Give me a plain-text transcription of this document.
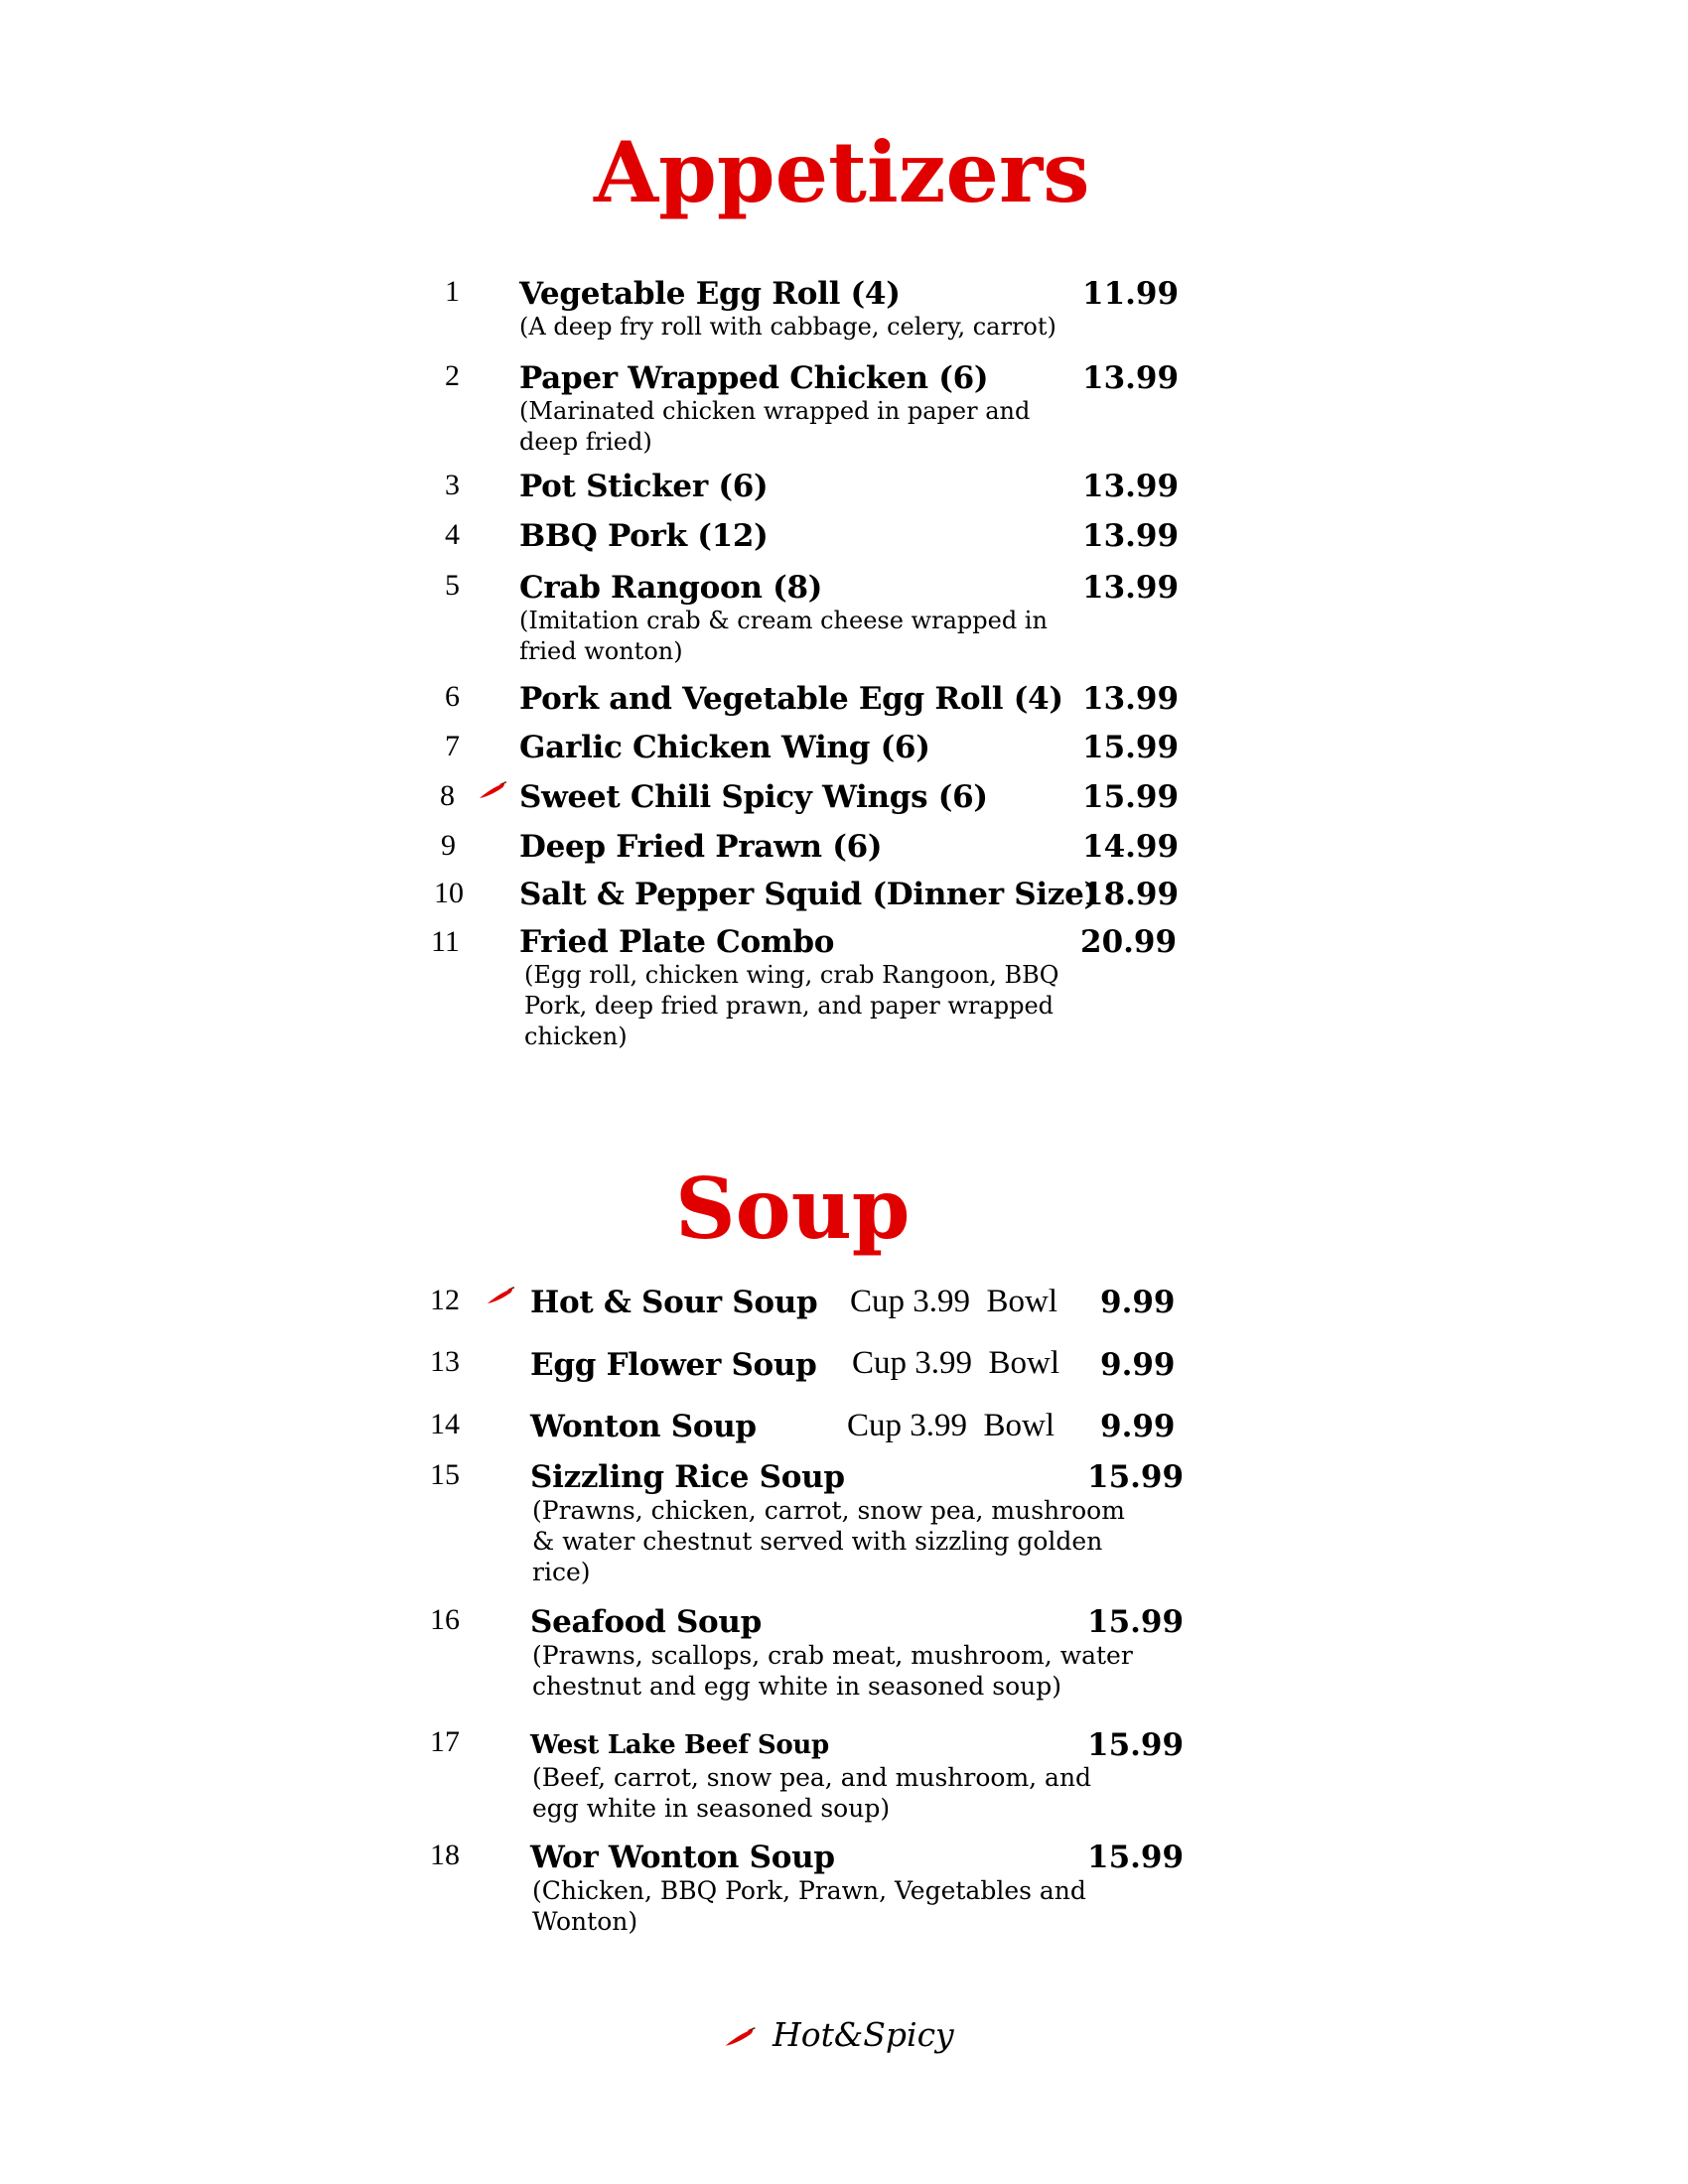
Appetizers
1 Vegetable Egg Roll (4)	11.99
(A deep fry roll with cabbage, celery, carrot)
2 Paper Wrapped Chicken (6)	13.99
(Marinated chicken wrapped in paper and
deep fried)
3 Pot Sticker (6)	13.99
4 BBQ Pork (12)	13.99
5 Crab Rangoon (8)	13.99
(Imitation crab & cream cheese wrapped in
fried wonton)
6 Pork and Vegetable Egg Roll (4) 13.99
7 Garlic Chicken Wing (6)	15.99
8 Sweet Chili Spicy Wings (6)	15.99
9 Deep Fried Prawn (6)	14.99
10 Salt & Pepper Squid (Dinner Size)
18.99
11 Fried Plate Combo	20.99
(Egg roll, chicken wing, crab Rangoon, BBQ
Pork, deep fried prawn, and paper wrapped
chicken)
Soup
12 Hot & Sour Soup Cup 3.99  Bowl 9.99
13 Egg Flower Soup Cup 3.99  Bowl 9.99
14 Wonton Soup	Cup 3.99  Bowl 9.99
15 Sizzling Rice Soup	15.99
(Prawns, chicken, carrot, snow pea, mushroom
& water chestnut served with sizzling golden
rice)
16 Seafood Soup	15.99
(Prawns, scallops, crab meat, mushroom, water
chestnut and egg white in seasoned soup)
17	West Lake Beef Soup	15.99
(Beef, carrot, snow pea, and mushroom, and
egg white in seasoned soup)
18 Wor Wonton Soup	15.99
(Chicken, BBQ Pork, Prawn, Vegetables and
Wonton)
Hot&Spicy
